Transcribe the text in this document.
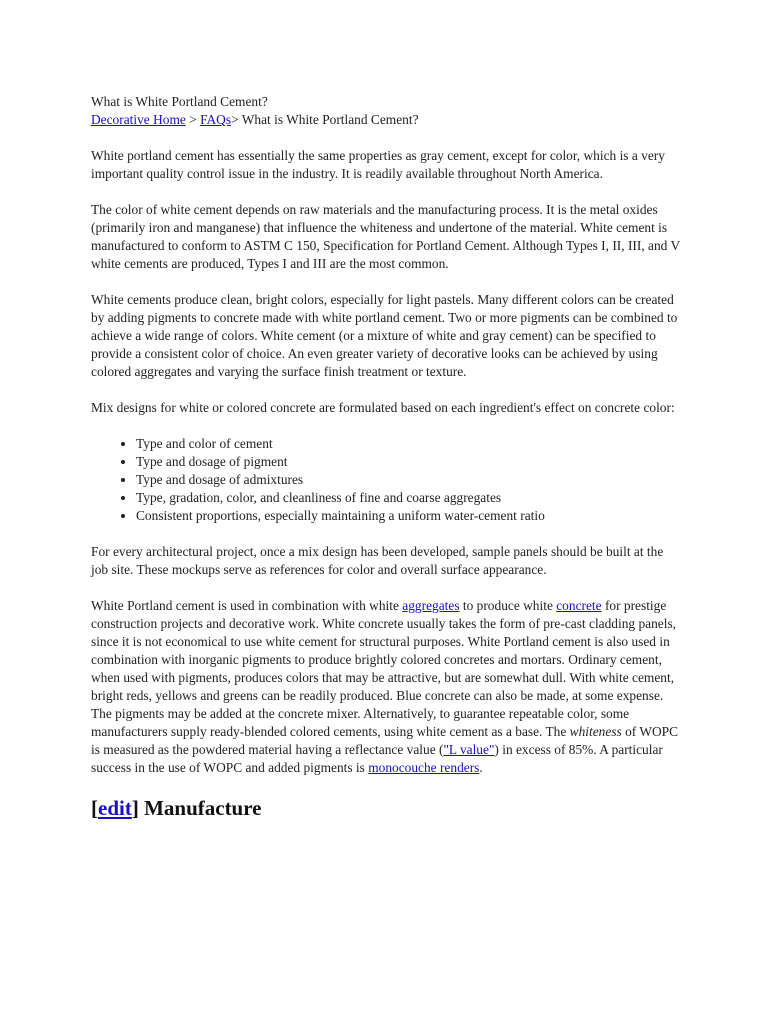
What is White Portland Cement?

Decorative Home > FAQs> What is White Portland Cement?

White portland cement has essentially the same properties as gray cement, except for color, which is a very important quality control issue in the industry. It is readily available throughout North America.

The color of white cement depends on raw materials and the manufacturing process. It is the metal oxides (primarily iron and manganese) that influence the whiteness and undertone of the material. White cement is manufactured to conform to ASTM C 150, Specification for Portland Cement. Although Types I, II, III, and V white cements are produced, Types I and III are the most common.

White cements produce clean, bright colors, especially for light pastels. Many different colors can be created by adding pigments to concrete made with white portland cement. Two or more pigments can be combined to achieve a wide range of colors. White cement (or a mixture of white and gray cement) can be specified to provide a consistent color of choice. An even greater variety of decorative looks can be achieved by using colored aggregates and varying the surface finish treatment or texture.

Mix designs for white or colored concrete are formulated based on each ingredient's effect on concrete color:

• Type and color of cement
• Type and dosage of pigment
• Type and dosage of admixtures
• Type, gradation, color, and cleanliness of fine and coarse aggregates
• Consistent proportions, especially maintaining a uniform water-cement ratio

For every architectural project, once a mix design has been developed, sample panels should be built at the job site. These mockups serve as references for color and overall surface appearance.

White Portland cement is used in combination with white aggregates to produce white concrete for prestige construction projects and decorative work. White concrete usually takes the form of pre-cast cladding panels, since it is not economical to use white cement for structural purposes. White Portland cement is also used in combination with inorganic pigments to produce brightly colored concretes and mortars. Ordinary cement, when used with pigments, produces colors that may be attractive, but are somewhat dull. With white cement, bright reds, yellows and greens can be readily produced. Blue concrete can also be made, at some expense. The pigments may be added at the concrete mixer. Alternatively, to guarantee repeatable color, some manufacturers supply ready-blended colored cements, using white cement as a base. The whiteness of WOPC is measured as the powdered material having a reflectance value ("L value") in excess of 85%. A particular success in the use of WOPC and added pigments is monocouche renders.

[edit] Manufacture
